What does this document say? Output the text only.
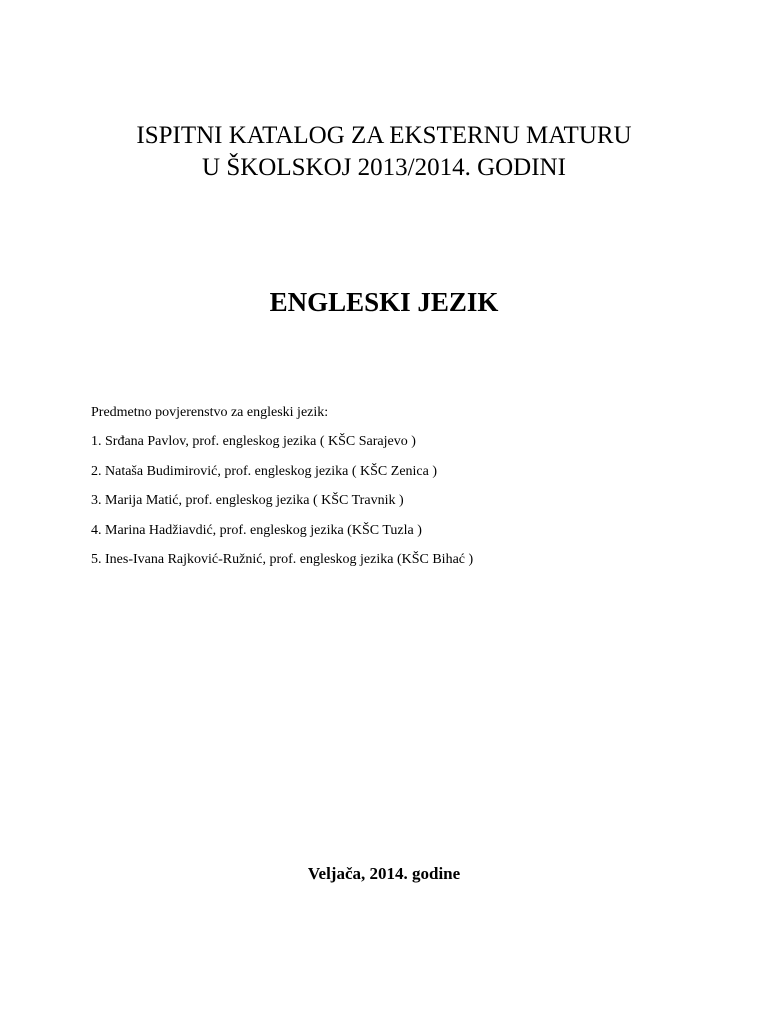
ISPITNI KATALOG ZA EKSTERNU MATURU
U ŠKOLSKOJ 2013/2014. GODINI
ENGLESKI JEZIK
Predmetno povjerenstvo za engleski jezik:
1. Srđana Pavlov, prof. engleskog jezika ( KŠC Sarajevo )
2. Nataša Budimirović, prof. engleskog jezika ( KŠC Zenica )
3. Marija Matić, prof. engleskog jezika ( KŠC Travnik )
4. Marina Hadžiavdić, prof. engleskog jezika (KŠC Tuzla )
5. Ines-Ivana Rajković-Ružnić, prof. engleskog jezika (KŠC Bihać )
Veljača, 2014. godine
